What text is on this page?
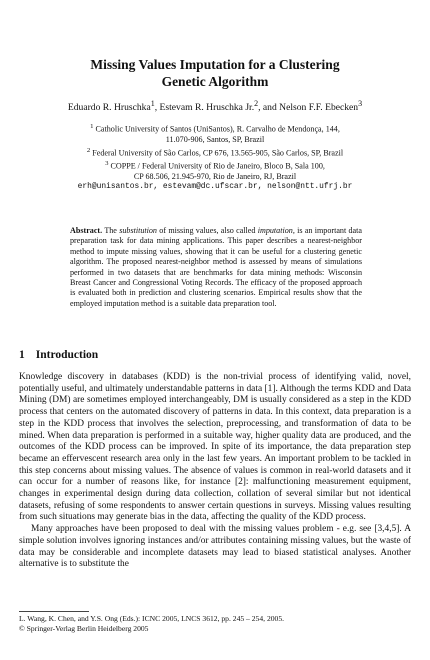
Missing Values Imputation for a Clustering
Genetic Algorithm
Eduardo R. Hruschka$^1$, Estevam R. Hruschka Jr.$^2$, and Nelson F.F. Ebecken$^3$
$^1$ Catholic University of Santos (UniSantos), R. Carvalho de Mendonça, 144,
11.070-906, Santos, SP, Brazil
$^2$ Federal University of São Carlos, CP 676, 13.565-905, São Carlos, SP, Brazil
$^3$ COPPE / Federal University of Rio de Janeiro, Bloco B, Sala 100,
CP 68.506, 21.945-970, Rio de Janeiro, RJ, Brazil
erh@unisantos.br, estevam@dc.ufscar.br, nelson@ntt.ufrj.br
Abstract. The substitution of missing values, also called imputation, is an important data preparation task for data mining applications. This paper describes a nearest-neighbor method to impute missing values, showing that it can be useful for a clustering genetic algorithm. The proposed nearest-neighbor method is assessed by means of simulations performed in two datasets that are benchmarks for data mining methods: Wisconsin Breast Cancer and Congressional Voting Records. The efficacy of the proposed approach is evaluated both in prediction and clustering scenarios. Empirical results show that the employed imputation method is a suitable data preparation tool.
1 Introduction

Knowledge discovery in databases (KDD) is the non-trivial process of identifying valid, novel, potentially useful, and ultimately understandable patterns in data [1]. Although the terms KDD and Data Mining (DM) are sometimes employed interchangeably, DM is usually considered as a step in the KDD process that centers on the automated discovery of patterns in data. In this context, data preparation is a step in the KDD process that involves the selection, preprocessing, and transformation of data to be mined. When data preparation is performed in a suitable way, higher quality data are produced, and the outcomes of the KDD process can be improved. In spite of its importance, the data preparation step became an effervescent research area only in the last few years. An important problem to be tackled in this step concerns about missing values. The absence of values is common in real-world datasets and it can occur for a number of reasons like, for instance [2]: malfunctioning measurement equipment, changes in experimental design during data collection, collation of several similar but not identical datasets, refusing of some respondents to answer certain questions in surveys. Missing values resulting from such situations may generate bias in the data, affecting the quality of the KDD process.

Many approaches have been proposed to deal with the missing values problem - e.g. see [3,4,5]. A simple solution involves ignoring instances and/or attributes containing missing values, but the waste of data may be considerable and incomplete datasets may lead to biased statistical analyses. Another alternative is to substitute the

L. Wang, K. Chen, and Y.S. Ong (Eds.): ICNC 2005, LNCS 3612, pp. 245 – 254, 2005.
© Springer-Verlag Berlin Heidelberg 2005
